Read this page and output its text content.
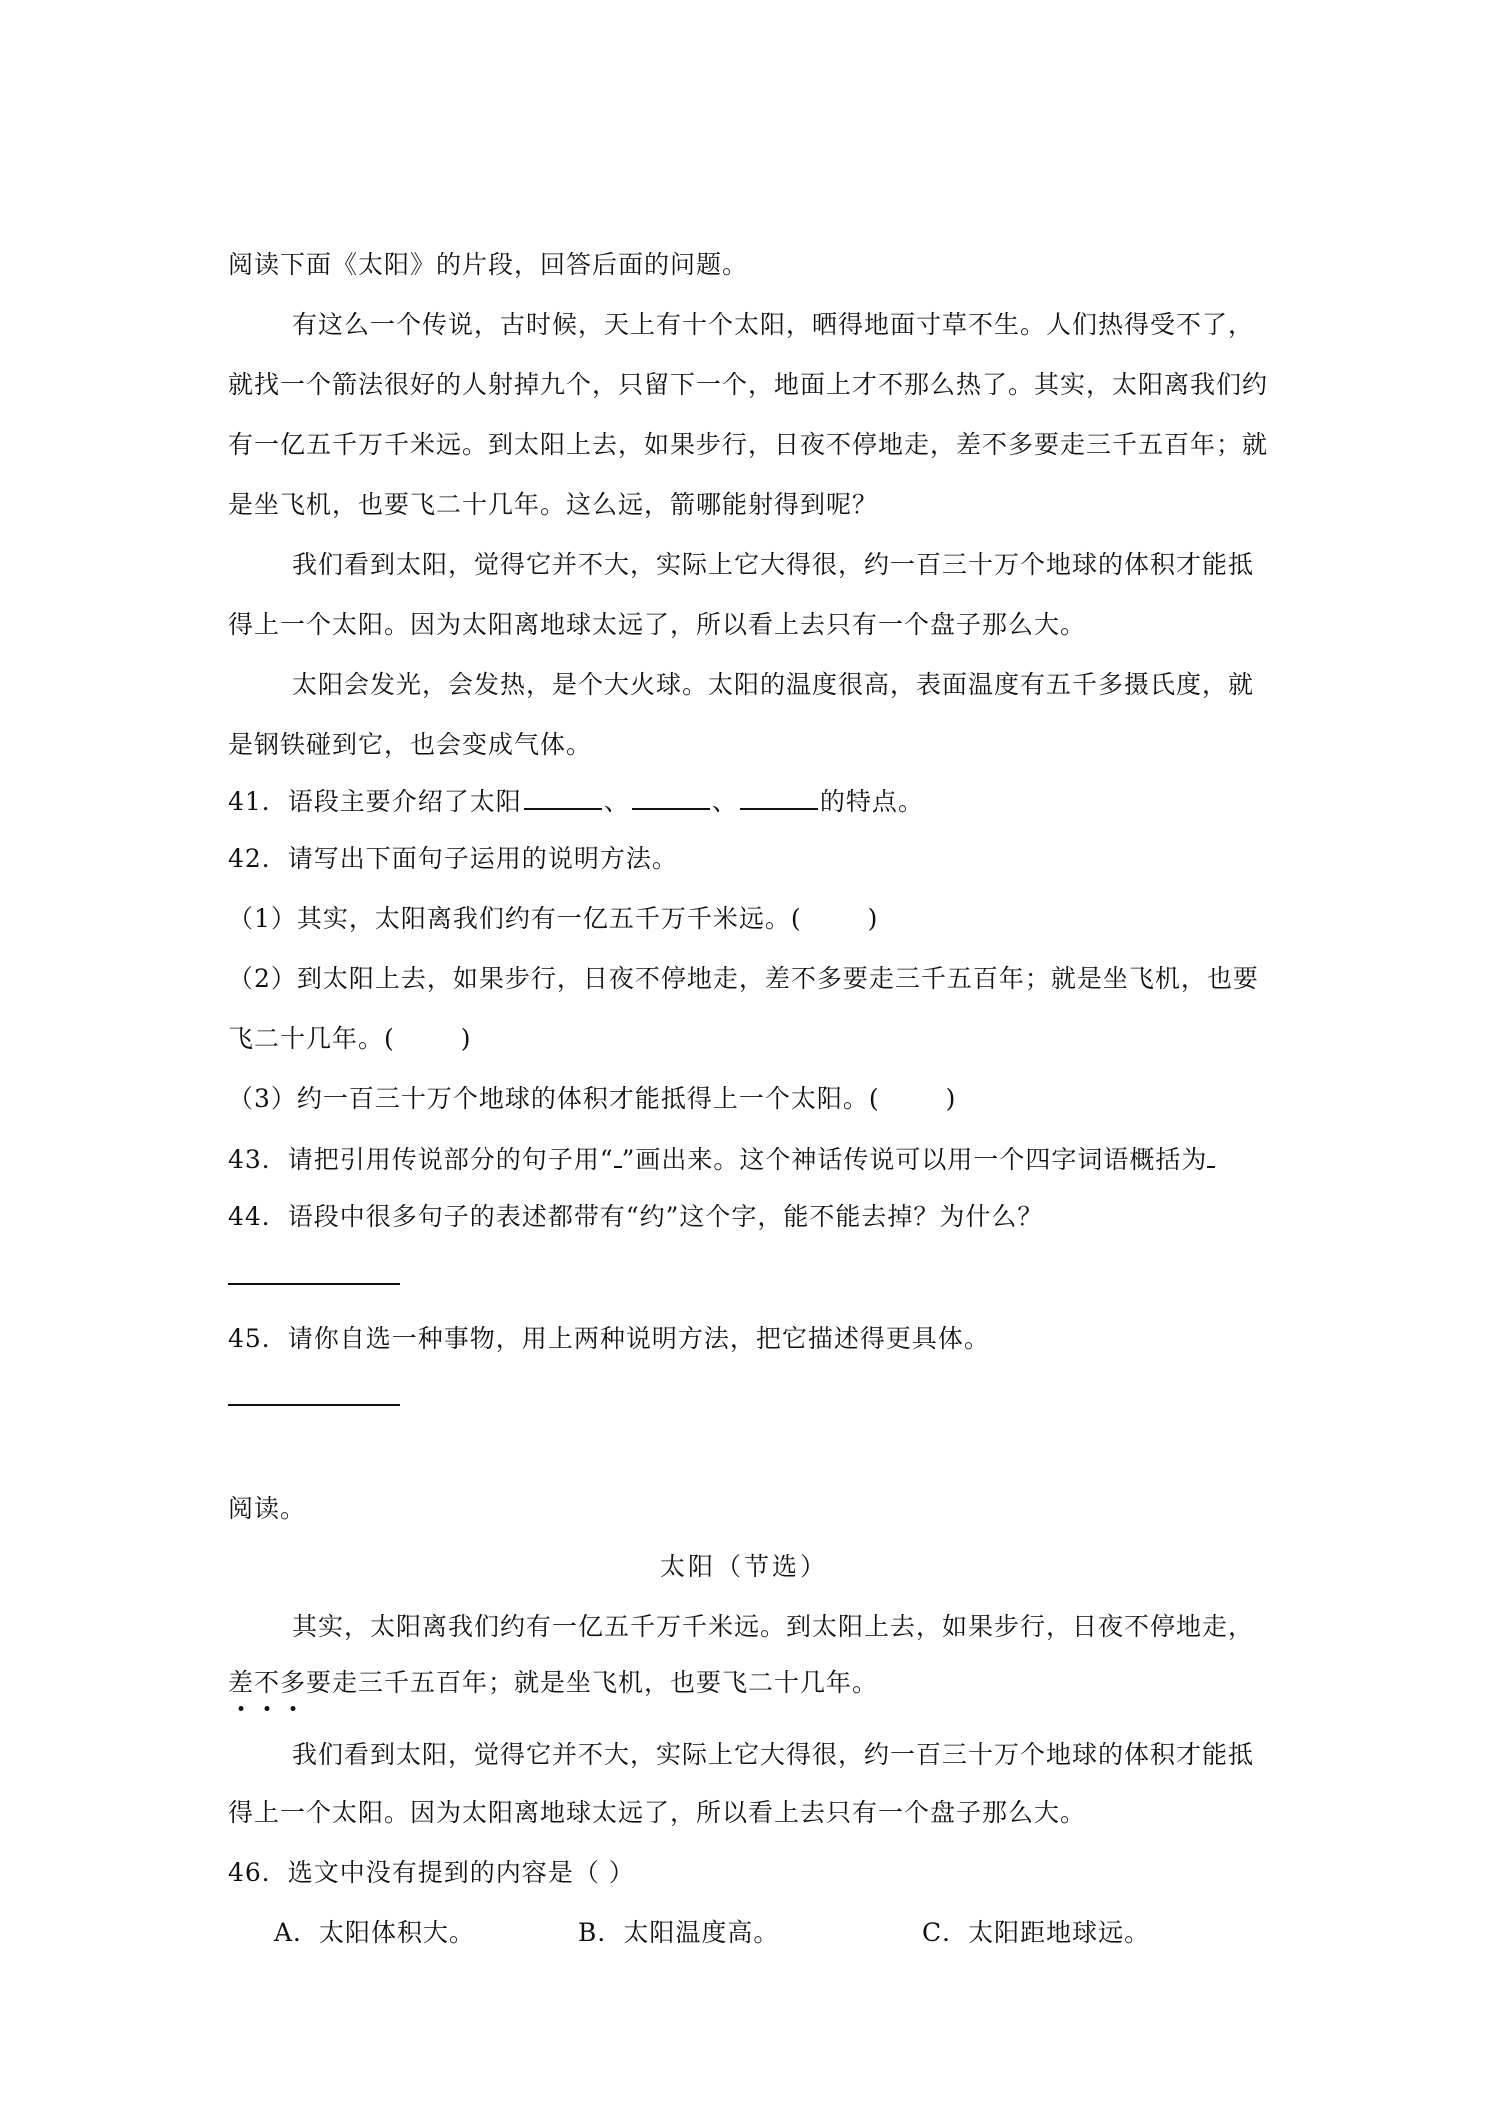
阅读下面《太阳》的片段，回答后面的问题。
有这么一个传说，古时候，天上有十个太阳，晒得地面寸草不生。人们热得受不了，
就找一个箭法很好的人射掉九个，只留下一个，地面上才不那么热了。其实，太阳离我们约
有一亿五千万千米远。到太阳上去，如果步行，日夜不停地走，差不多要走三千五百年；就
是坐飞机，也要飞二十几年。这么远，箭哪能射得到呢？
我们看到太阳，觉得它并不大，实际上它大得很，约一百三十万个地球的体积才能抵
得上一个太阳。因为太阳离地球太远了，所以看上去只有一个盘子那么大。
太阳会发光，会发热，是个大火球。太阳的温度很高，表面温度有五千多摄氏度，就
是钢铁碰到它，也会变成气体。
41．语段主要介绍了太阳	、	、	的特点。
42．请写出下面句子运用的说明方法。
（1）其实，太阳离我们约有一亿五千万千米远。(	)
（2）到太阳上去，如果步行，日夜不停地走，差不多要走三千五百年；就是坐飞机，也要
飞二十几年。(	)
（3）约一百三十万个地球的体积才能抵得上一个太阳。(	)
43．请把引用传说部分的句子用“ ”画出来。这个神话传说可以用一个四字词语概括为
44．语段中很多句子的表述都带有“约”这个字，能不能去掉？为什么？
45．请你自选一种事物，用上两种说明方法，把它描述得更具体。
阅读。
太阳（节选）
其实，太阳离我们约有一亿五千万千米远。到太阳上去，如果步行，日夜不停地走，
差不多要走三千五百年；就是坐飞机，也要飞二十几年。
我们看到太阳，觉得它并不大，实际上它大得很，约一百三十万个地球的体积才能抵
得上一个太阳。因为太阳离地球太远了，所以看上去只有一个盘子那么大。
46．选文中没有提到的内容是（ ）
A．太阳体积大。	B．太阳温度高。	C．太阳距地球远。
